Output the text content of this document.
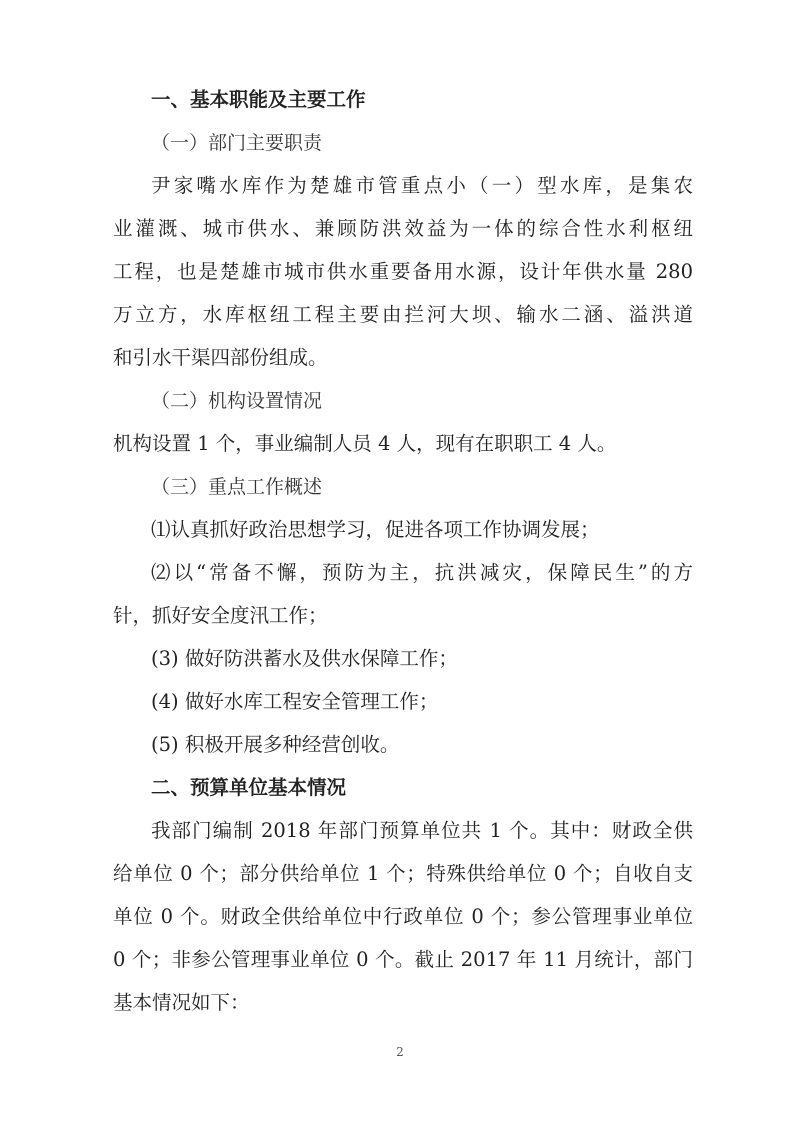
一、基本职能及主要工作
（一）部门主要职责
尹家嘴水库作为楚雄市管重点小（一）型水库，是集农
业灌溉、城市供水、兼顾防洪效益为一体的综合性水利枢纽
工程，也是楚雄市城市供水重要备用水源，设计年供水量 280
万立方，水库枢纽工程主要由拦河大坝、输水二涵、溢洪道
和引水干渠四部份组成。
（二）机构设置情况
机构设置 1 个，事业编制人员 4 人，现有在职职工 4 人。
（三）重点工作概述
⑴认真抓好政治思想学习，促进各项工作协调发展；
⑵以“常备不懈，预防为主，抗洪减灾，保障民生”的方
针，抓好安全度汛工作；
(3) 做好防洪蓄水及供水保障工作；
(4) 做好水库工程安全管理工作；
(5) 积极开展多种经营创收。
二、预算单位基本情况
我部门编制 2018 年部门预算单位共 1 个。其中：财政全供
给单位 0 个；部分供给单位 1 个；特殊供给单位 0 个；自收自支
单位 0 个。财政全供给单位中行政单位 0 个；参公管理事业单位
0 个；非参公管理事业单位 0 个。截止 2017 年 11 月统计，部门
基本情况如下：
2
